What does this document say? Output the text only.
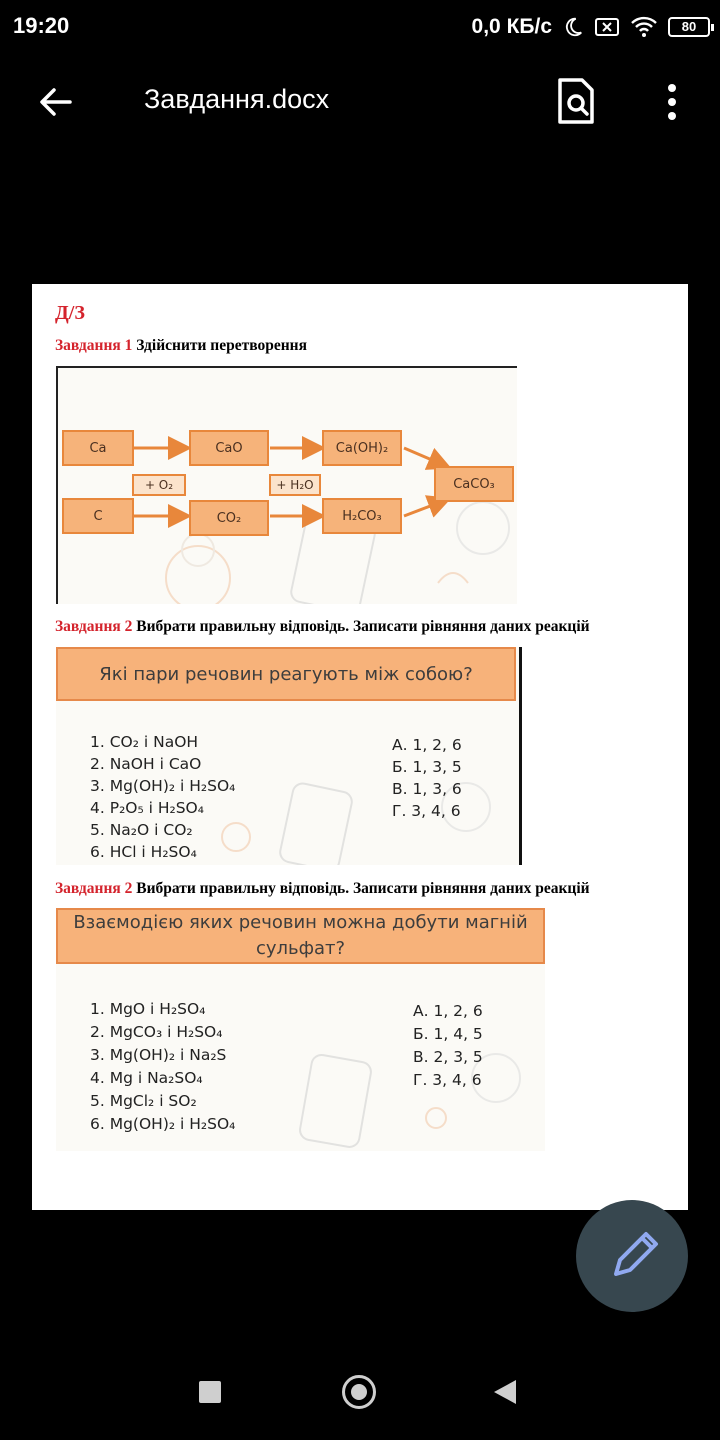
19:20	0,0 КБ/с	80
Завдання.docx
Д/З
Завдання 1 Здійснити перетворення
Ca	CaO	Ca(OH)₂
+ O₂	+ H₂O	CaCO₃
C	CO₂	H₂CO₃
Завдання 2 Вибрати правильну відповідь. Записати рівняння даних реакцій
Які пари речовин реагують між собою?
1. CO₂ і NaOH
2. NaOH і CaO
3. Mg(OH)₂ і H₂SO₄
4. P₂O₅ і H₂SO₄
5. Na₂O і CO₂
6. HCl і H₂SO₄
А. 1, 2, 6
Б. 1, 3, 5
В. 1, 3, 6
Г. 3, 4, 6
Завдання 2 Вибрати правильну відповідь. Записати рівняння даних реакцій
Взаємодією яких речовин можна добути магній сульфат?
1. MgO і H₂SO₄
2. MgCO₃ і H₂SO₄
3. Mg(OH)₂ і Na₂S
4. Mg і Na₂SO₄
5. MgCl₂ і SO₂
6. Mg(OH)₂ і H₂SO₄
А. 1, 2, 6
Б. 1, 4, 5
В. 2, 3, 5
Г. 3, 4, 6
